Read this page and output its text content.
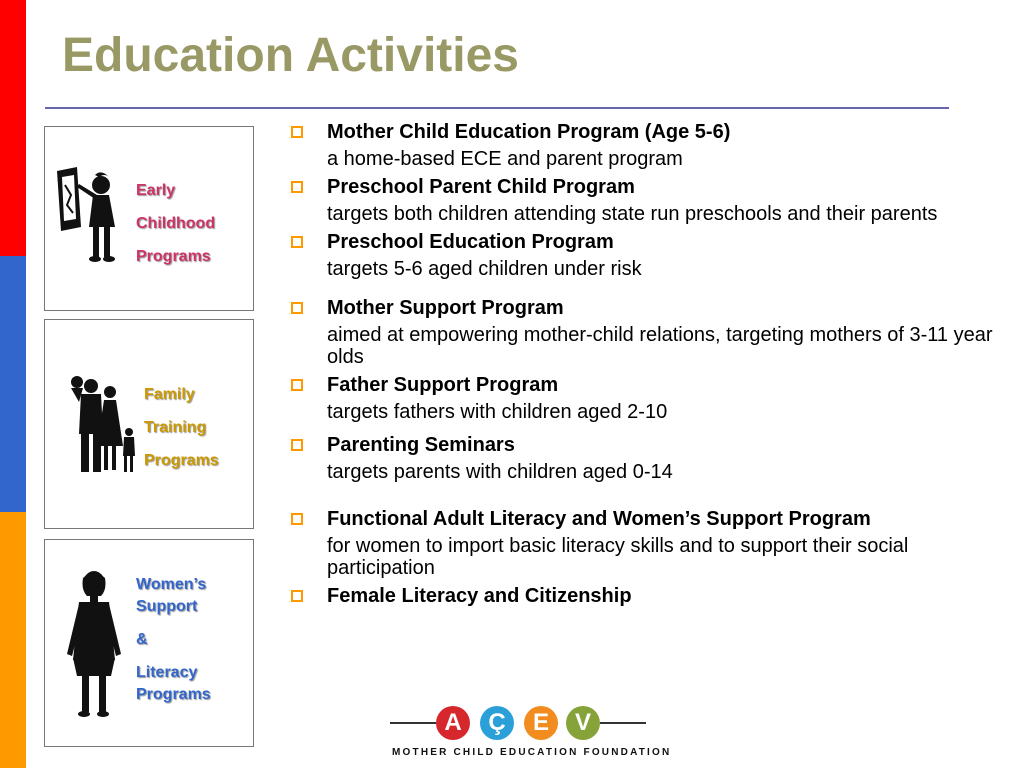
Education Activities
Early
Childhood
Programs
Family
Training
Programs
Women’s
Support
&
Literacy
Programs
Mother Child Education Program (Age 5-6)
a home-based ECE and parent program
Preschool Parent Child Program
targets both children attending state run preschools and their parents
Preschool Education Program
targets 5-6 aged children under risk
Mother Support Program
aimed at empowering mother-child relations, targeting mothers of 3-11 year olds
Father Support Program
targets fathers with children aged 2-10
Parenting Seminars
targets parents with children aged 0-14
Functional Adult Literacy and Women’s Support Program
for women to import basic literacy skills and to support their social participation
Female Literacy and Citizenship
A	Ç	E	V
MOTHER CHILD EDUCATION FOUNDATION
